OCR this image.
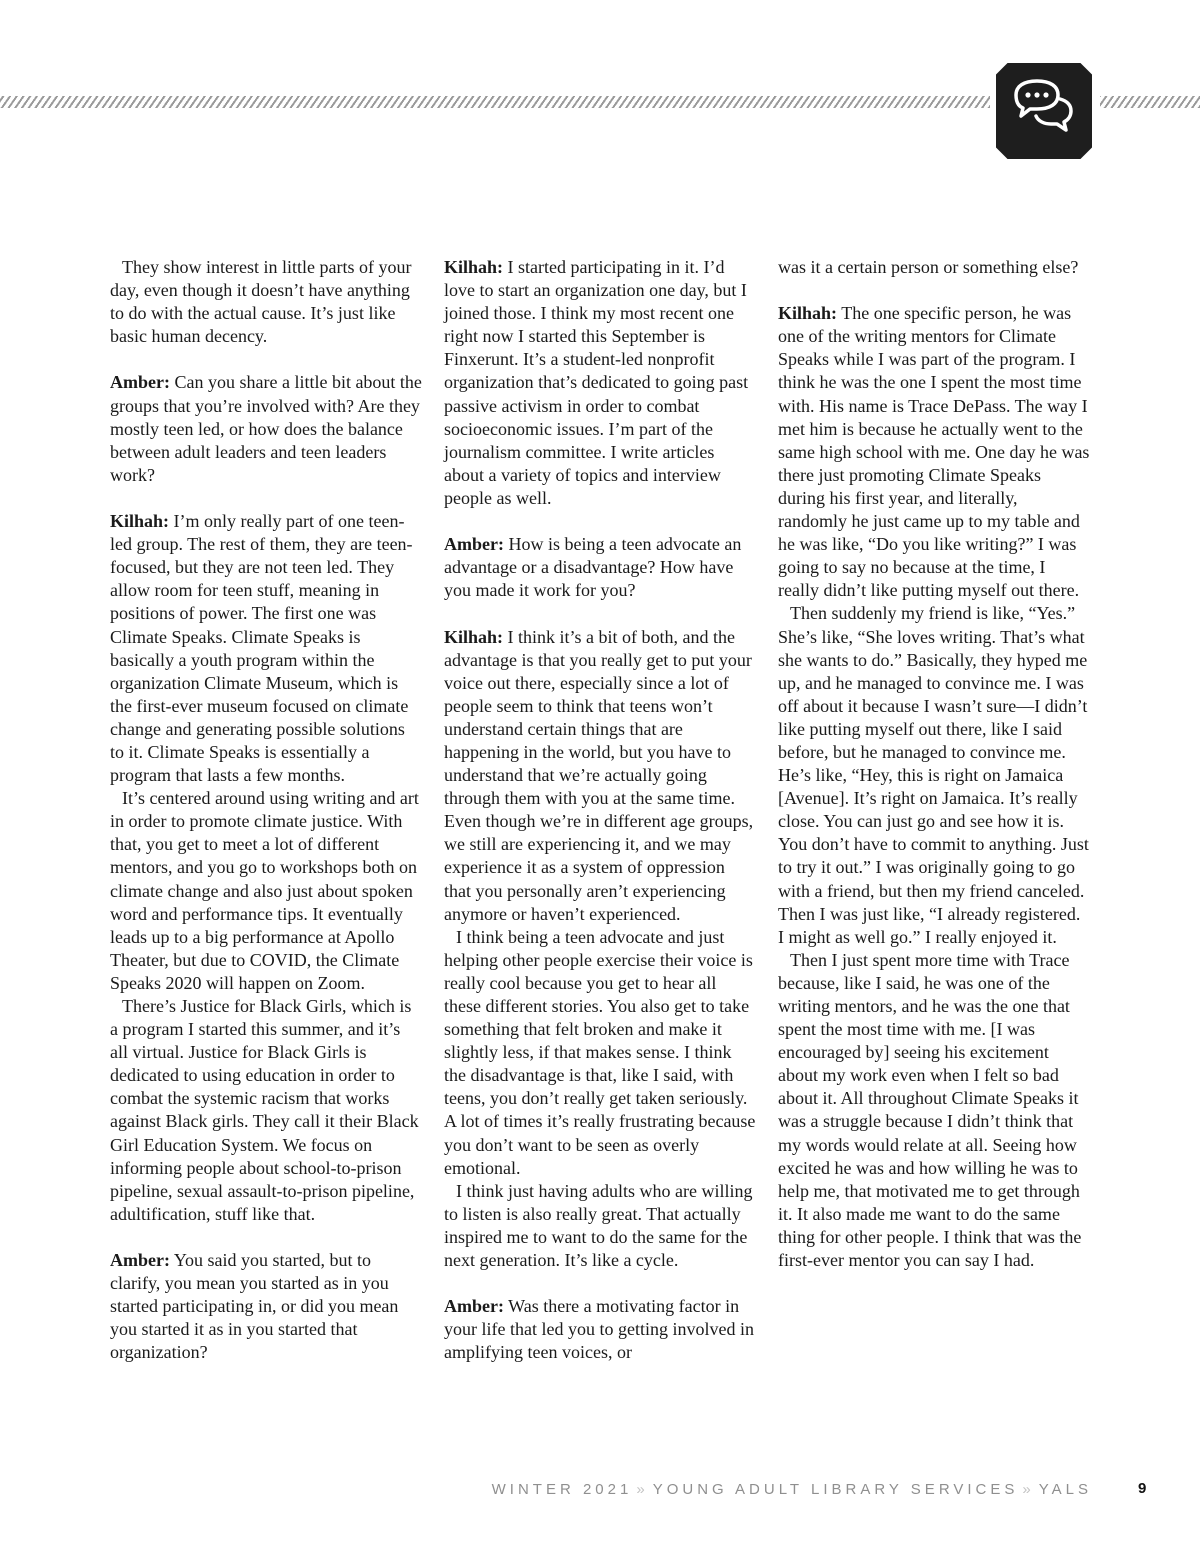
They show interest in little parts of your day, even though it doesn’t have anything to do with the actual cause. It’s just like basic human decency.

Amber: Can you share a little bit about the groups that you’re involved with? Are they mostly teen led, or how does the balance between adult leaders and teen leaders work?

Kilhah: I’m only really part of one teen-led group. The rest of them, they are teen-focused, but they are not teen led. They allow room for teen stuff, meaning in positions of power. The first one was Climate Speaks. Climate Speaks is basically a youth program within the organization Climate Museum, which is the first-ever museum focused on climate change and generating possible solutions to it. Climate Speaks is essentially a program that lasts a few months.

It’s centered around using writing and art in order to promote climate justice. With that, you get to meet a lot of different mentors, and you go to workshops both on climate change and also just about spoken word and performance tips. It eventually leads up to a big performance at Apollo Theater, but due to COVID, the Climate Speaks 2020 will happen on Zoom.

There’s Justice for Black Girls, which is a program I started this summer, and it’s all virtual. Justice for Black Girls is dedicated to using education in order to combat the systemic racism that works against Black girls. They call it their Black Girl Education System. We focus on informing people about school-to-prison pipeline, sexual assault-to-prison pipeline, adultification, stuff like that.

Amber: You said you started, but to clarify, you mean you started as in you started participating in, or did you mean you started it as in you started that organization?

Kilhah: I started participating in it. I’d love to start an organization one day, but I joined those. I think my most recent one right now I started this September is Finxerunt. It’s a student-led nonprofit organization that’s dedicated to going past passive activism in order to combat socioeconomic issues. I’m part of the journalism committee. I write articles about a variety of topics and interview people as well.

Amber: How is being a teen advocate an advantage or a disadvantage? How have you made it work for you?

Kilhah: I think it’s a bit of both, and the advantage is that you really get to put your voice out there, especially since a lot of people seem to think that teens won’t understand certain things that are happening in the world, but you have to understand that we’re actually going through them with you at the same time. Even though we’re in different age groups, we still are experiencing it, and we may experience it as a system of oppression that you personally aren’t experiencing anymore or haven’t experienced.

I think being a teen advocate and just helping other people exercise their voice is really cool because you get to hear all these different stories. You also get to take something that felt broken and make it slightly less, if that makes sense. I think the disadvantage is that, like I said, with teens, you don’t really get taken seriously. A lot of times it’s really frustrating because you don’t want to be seen as overly emotional.

I think just having adults who are willing to listen is also really great. That actually inspired me to want to do the same for the next generation. It’s like a cycle.

Amber: Was there a motivating factor in your life that led you to getting involved in amplifying teen voices, or

was it a certain person or something else?

Kilhah: The one specific person, he was one of the writing mentors for Climate Speaks while I was part of the program. I think he was the one I spent the most time with. His name is Trace DePass. The way I met him is because he actually went to the same high school with me. One day he was there just promoting Climate Speaks during his first year, and literally, randomly he just came up to my table and he was like, “Do you like writing?” I was going to say no because at the time, I really didn’t like putting myself out there.

Then suddenly my friend is like, “Yes.” She’s like, “She loves writing. That’s what she wants to do.” Basically, they hyped me up, and he managed to convince me. I was off about it because I wasn’t sure—I didn’t like putting myself out there, like I said before, but he managed to convince me. He’s like, “Hey, this is right on Jamaica [Avenue]. It’s right on Jamaica. It’s really close. You can just go and see how it is. You don’t have to commit to anything. Just to try it out.” I was originally going to go with a friend, but then my friend canceled. Then I was just like, “I already registered. I might as well go.” I really enjoyed it.

Then I just spent more time with Trace because, like I said, he was one of the writing mentors, and he was the one that spent the most time with me. [I was encouraged by] seeing his excitement about my work even when I felt so bad about it. All throughout Climate Speaks it was a struggle because I didn’t think that my words would relate at all. Seeing how excited he was and how willing he was to help me, that motivated me to get through it. It also made me want to do the same thing for other people. I think that was the first-ever mentor you can say I had.

WINTER 2021 » YOUNG ADULT LIBRARY SERVICES » YALS	9
